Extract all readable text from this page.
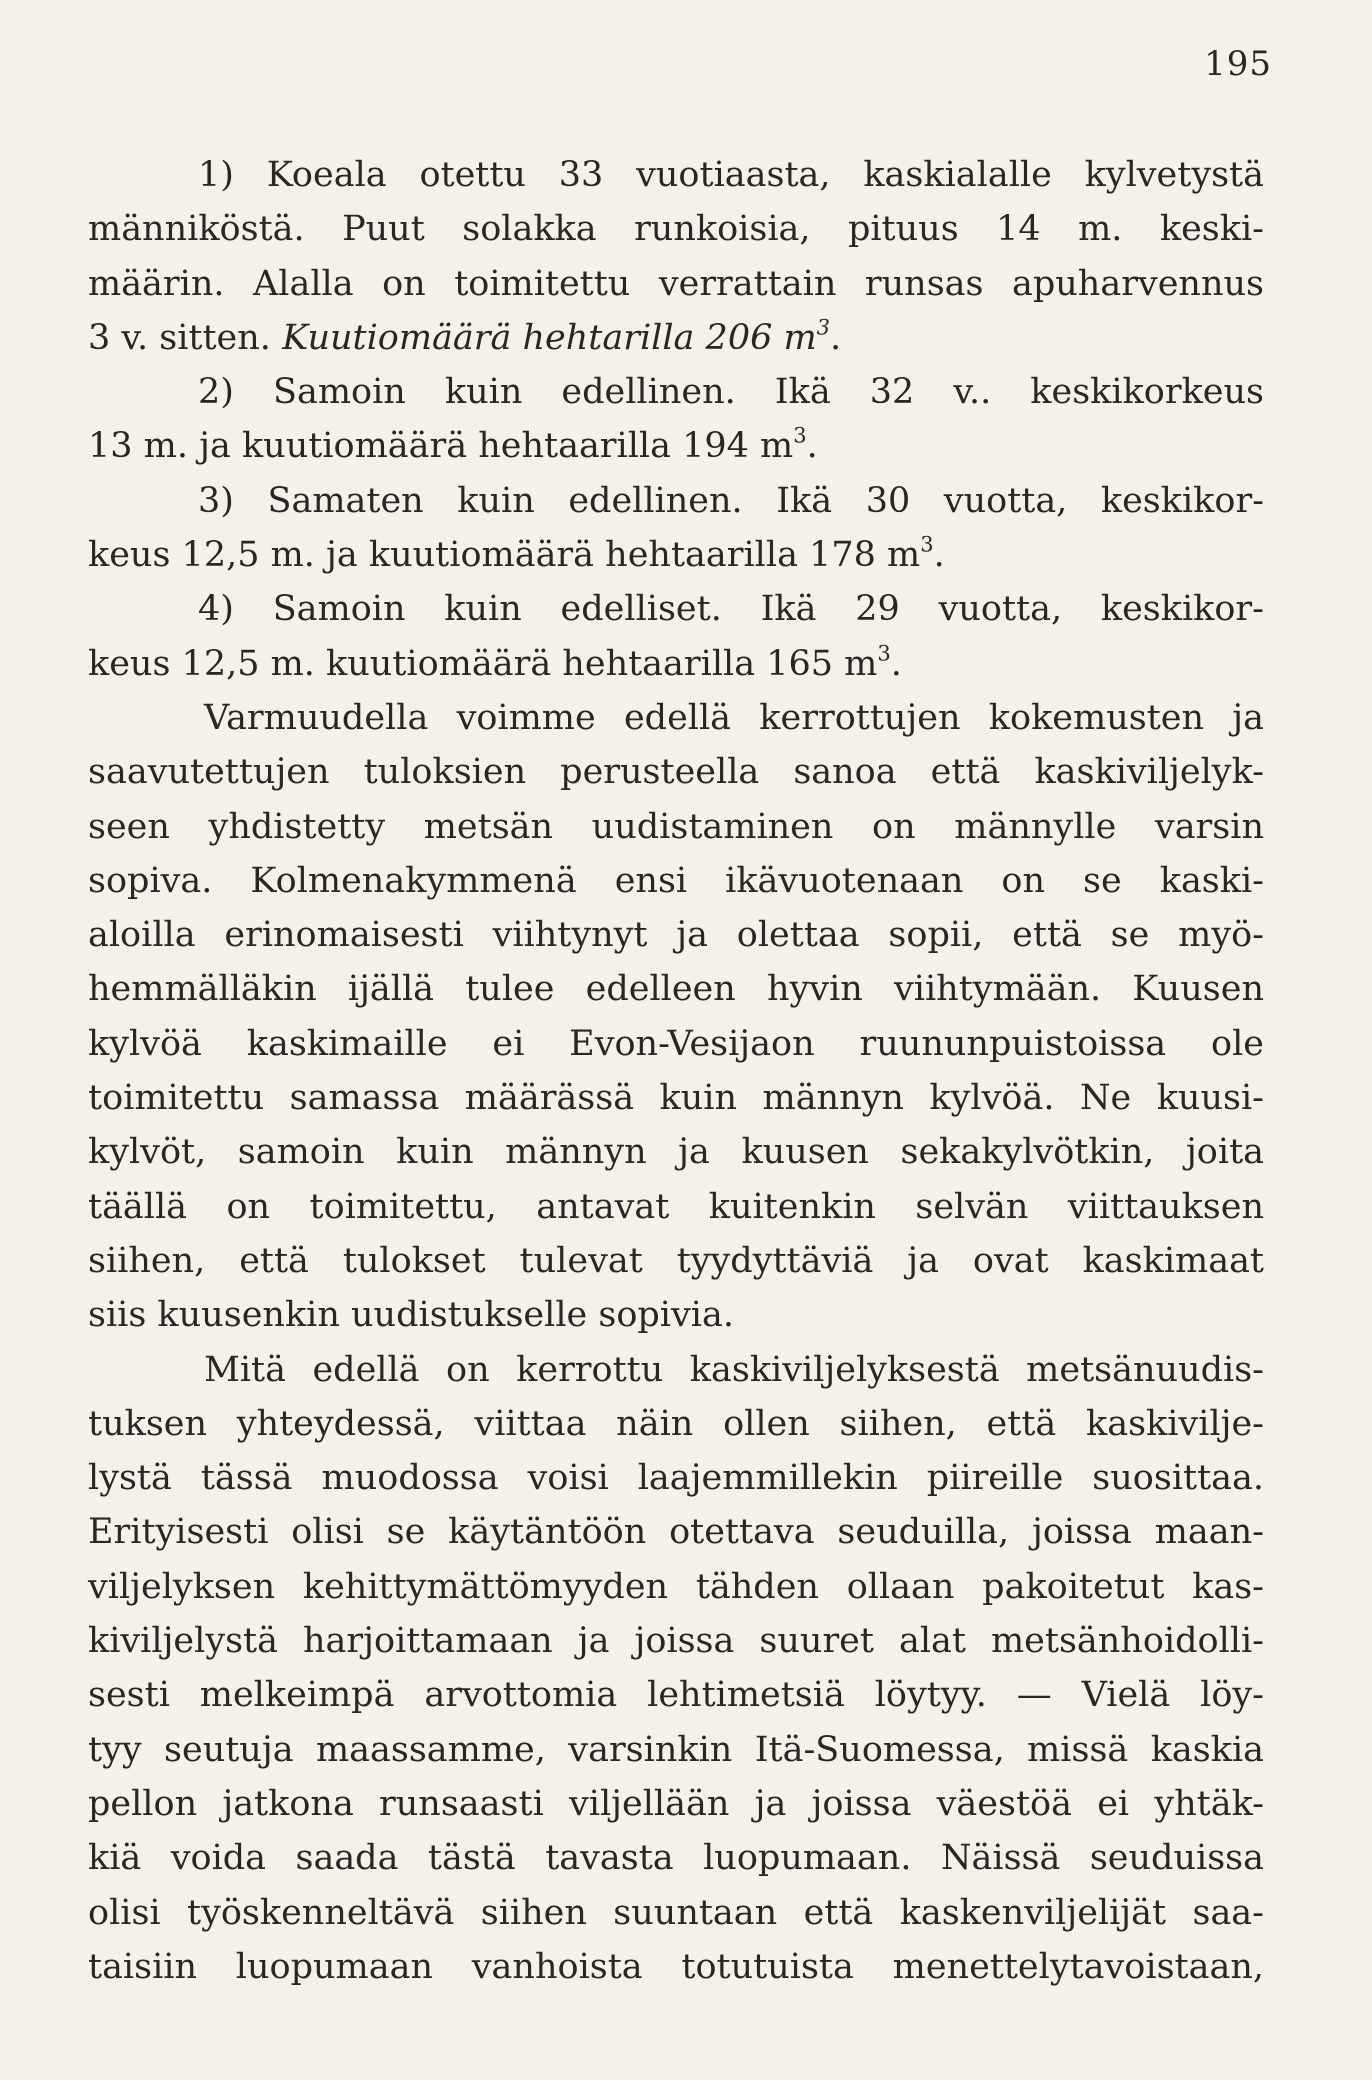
195
1) Koeala otettu 33 vuotiaasta, kaskialalle kylvetystä
männiköstä. Puut solakka runkoisia, pituus 14 m. keski-
määrin. Alalla on toimitettu verrattain runsas apuharvennus
3 v. sitten. Kuutiomäärä hehtarilla 206 $m^3$.
2) Samoin kuin edellinen. Ikä 32 v.. keskikorkeus
13 m. ja kuutiomäärä hehtaarilla 194 $m^3$.
3) Samaten kuin edellinen. Ikä 30 vuotta, keskikor-
keus 12,5 m. ja kuutiomäärä hehtaarilla 178 $m^3$.
4) Samoin kuin edelliset. Ikä 29 vuotta, keskikor-
keus 12,5 m. kuutiomäärä hehtaarilla 165 $m^3$.
Varmuudella voimme edellä kerrottujen kokemusten ja
saavutettujen tuloksien perusteella sanoa että kaskiviljelyk-
seen yhdistetty metsän uudistaminen on männylle varsin
sopiva. Kolmenakymmenä ensi ikävuotenaan on se kaski-
aloilla erinomaisesti viihtynyt ja olettaa sopii, että se myö-
hemmälläkin ijällä tulee edelleen hyvin viihtymään. Kuusen
kylvöä kaskimaille ei Evon-Vesijaon ruununpuistoissa ole
toimitettu samassa määrässä kuin männyn kylvöä. Ne kuusi-
kylvöt, samoin kuin männyn ja kuusen sekakylvötkin, joita
täällä on toimitettu, antavat kuitenkin selvän viittauksen
siihen, että tulokset tulevat tyydyttäviä ja ovat kaskimaat
siis kuusenkin uudistukselle sopivia.
Mitä edellä on kerrottu kaskiviljelyksestä metsänuudis-
tuksen yhteydessä, viittaa näin ollen siihen, että kaskivilje-
lystä tässä muodossa voisi laajemmillekin piireille suosittaa.
Erityisesti olisi se käytäntöön otettava seuduilla, joissa maan-
viljelyksen kehittymättömyyden tähden ollaan pakoitetut kas-
kiviljelystä harjoittamaan ja joissa suuret alat metsänhoidolli-
sesti melkeimpä arvottomia lehtimetsiä löytyy. — Vielä löy-
tyy seutuja maassamme, varsinkin Itä-Suomessa, missä kaskia
pellon jatkona runsaasti viljellään ja joissa väestöä ei yhtäk-
kiä voida saada tästä tavasta luopumaan. Näissä seuduissa
olisi työskenneltävä siihen suuntaan että kaskenviljelijät saa-
taisiin luopumaan vanhoista totutuista menettelytavoistaan,
